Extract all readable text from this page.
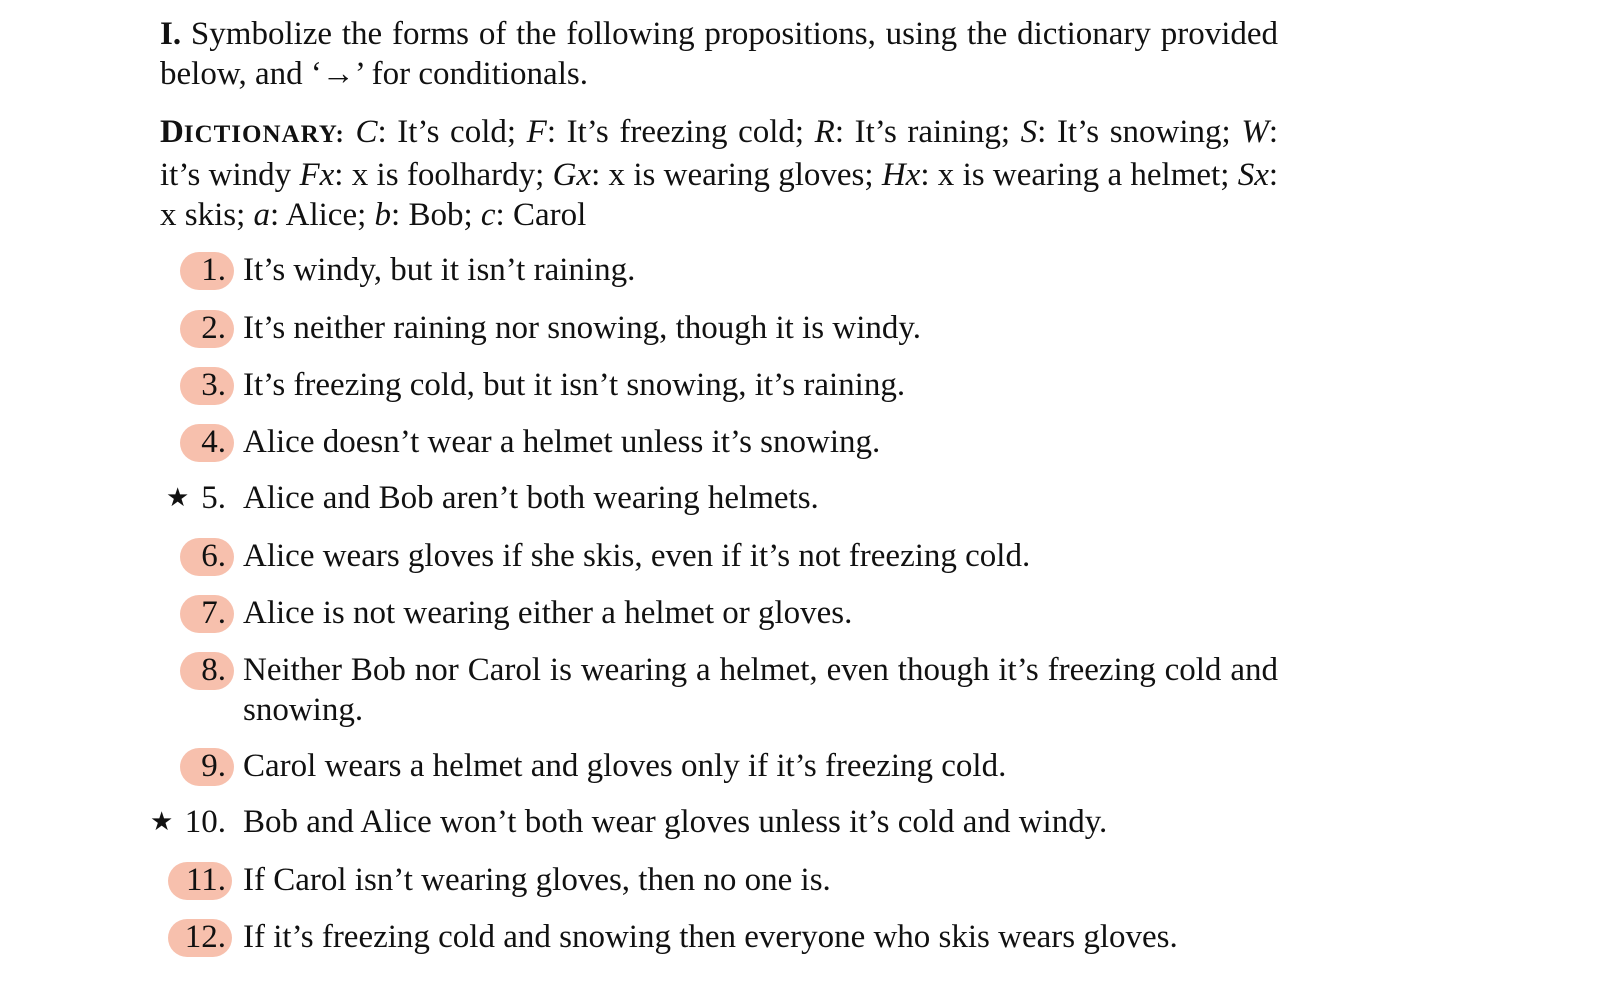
I. Symbolize the forms of the following propositions, using the dictionary provided below, and ‘→’ for conditionals.
DICTIONARY: C: It’s cold; F: It’s freezing cold; R: It’s raining; S: It’s snowing; W: it’s windy Fx: x is foolhardy; Gx: x is wearing gloves; Hx: x is wearing a helmet; Sx: x skis; a: Alice; b: Bob; c: Carol
1. It’s windy, but it isn’t raining.
2. It’s neither raining nor snowing, though it is windy.
3. It’s freezing cold, but it isn’t snowing, it’s raining.
4. Alice doesn’t wear a helmet unless it’s snowing.
★ 5. Alice and Bob aren’t both wearing helmets.
6. Alice wears gloves if she skis, even if it’s not freezing cold.
7. Alice is not wearing either a helmet or gloves.
8. Neither Bob nor Carol is wearing a helmet, even though it’s freezing cold and snowing.
9. Carol wears a helmet and gloves only if it’s freezing cold.
★ 10. Bob and Alice won’t both wear gloves unless it’s cold and windy.
11. If Carol isn’t wearing gloves, then no one is.
12. If it’s freezing cold and snowing then everyone who skis wears gloves.
